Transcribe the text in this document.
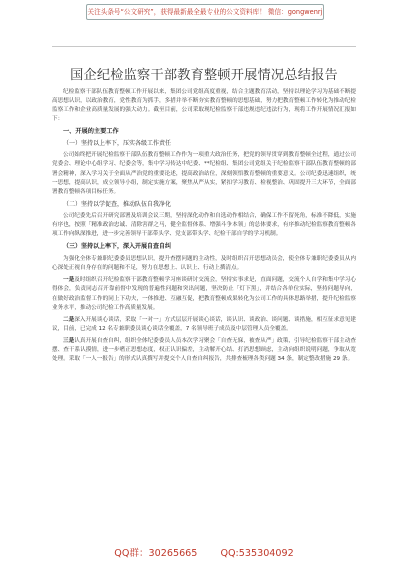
关注头条号“公文研究”，获得最新最全最专业的公文资料库！ 微信：gongwenrj
国企纪检监察干部教育整顿开展情况总结报告

纪检监察干部队伍教育整顿工作开展以来，集团公司党组高度重视，结合主题教育活动，坚持以理论学习为基础不断提高思想认识，以政治教育，党性教育为抓手，多措并举不断夯实教育整顿的思想基础，努力把教育整顿工作转化为推动纪检监察工作和企业高质量发展的强大动力。截至目前，公司采取现纪检监察干部违规违纪违法行为，现将工作开展情况汇报如下：

一、开展的主要工作
（一）坚持以上率下，压实各级工作责任

公司始终把开展纪检监察干部队伍教育整顿工作作为一项重大政治任务，把党的领导贯穿到教育整顿全过程，通过公司党委会、理论中心组学习、纪委会等，集中学习传达中纪委、**纪检组、集团公司党组关于纪检监察干部队伍教育整顿的部署会精神，深入学习关于全面从严治党的重要论述，提高政治站位，深刻领悟教育整顿的重要意义。公司纪委迅速组织，统一思想，提高认识，成立领导小组，制定实施方案，聚焦从严从实，紧扣学习教育、检视整治、巩固提升三大环节，全面部署教育整顿各项目标任务。

（二）坚持以学促查，推动队伍自我净化

公司纪委先后召开研究部署及培训会议三期，坚持深化动作和自选动作相结合，确保工作不留死角，标准不降低，实施有序也，按照「精准政治忠诚、清除害群之马，健全监督体系、增强斗争本领」的总体要求，有序推动纪检监察教育整顿各项工作向纵深推进，进一步完善领导干部带头学、党支部带头学、纪检干部自学的学习机制。

（三）坚持以上率下，深入开展自查自纠

为强化全体专兼职纪委委员思想认识，提升查摆问题的主动性，及时组织召开思想动员会，使全体专兼职纪委委员从内心深处正视自身存在的问题和不足，努力在思想上、认识上、行动上撰清点。

一是及时组织召开纪检监察干部教育整顿学习座谈研讨交流会，坚持实事求是，直面问题，交流个人自学和集中学习心得体会，负责同志召开靠前督中发现的普遍性问题和突出问题，坚决防止「灯下黑」，并结合各单位实际，坚持问题导向，在做好政治监督工作的同上下功夫，一体推进、互融互促，把教育整顿成果转化为公司工作的具体思路举措，提升纪检监察业务水平，推动公司纪检工作高质量发展。

二是深入开展谈心谈话，采取「一对一」方式层层开展谈心谈话，谈认识、谈政治、谈问题、谈措施，相互征求意见建议，目前，已完成 12 名专兼职委员谈心谈话全覆盖，7 名领导班子成员及中层管理人员全覆盖。

三是认真开展自查自纠，组织全体纪委委员人员本次学习聚会「自查无寐，被查从严」政策，引导纪检监察干部主动查摆、查干系认摸情，进一步嗜正思想态度，权正认识偏差，主动解开心结、打消思想顾虑，主动向组织说明问题，争取从宽处理。采取「一人一报告」的形式认真撰写并提交个人自查自纠报告，共排查梳理各类问题 34 条，制定整改措施 29 条。

QQ群：30265665 QQ:535304092
